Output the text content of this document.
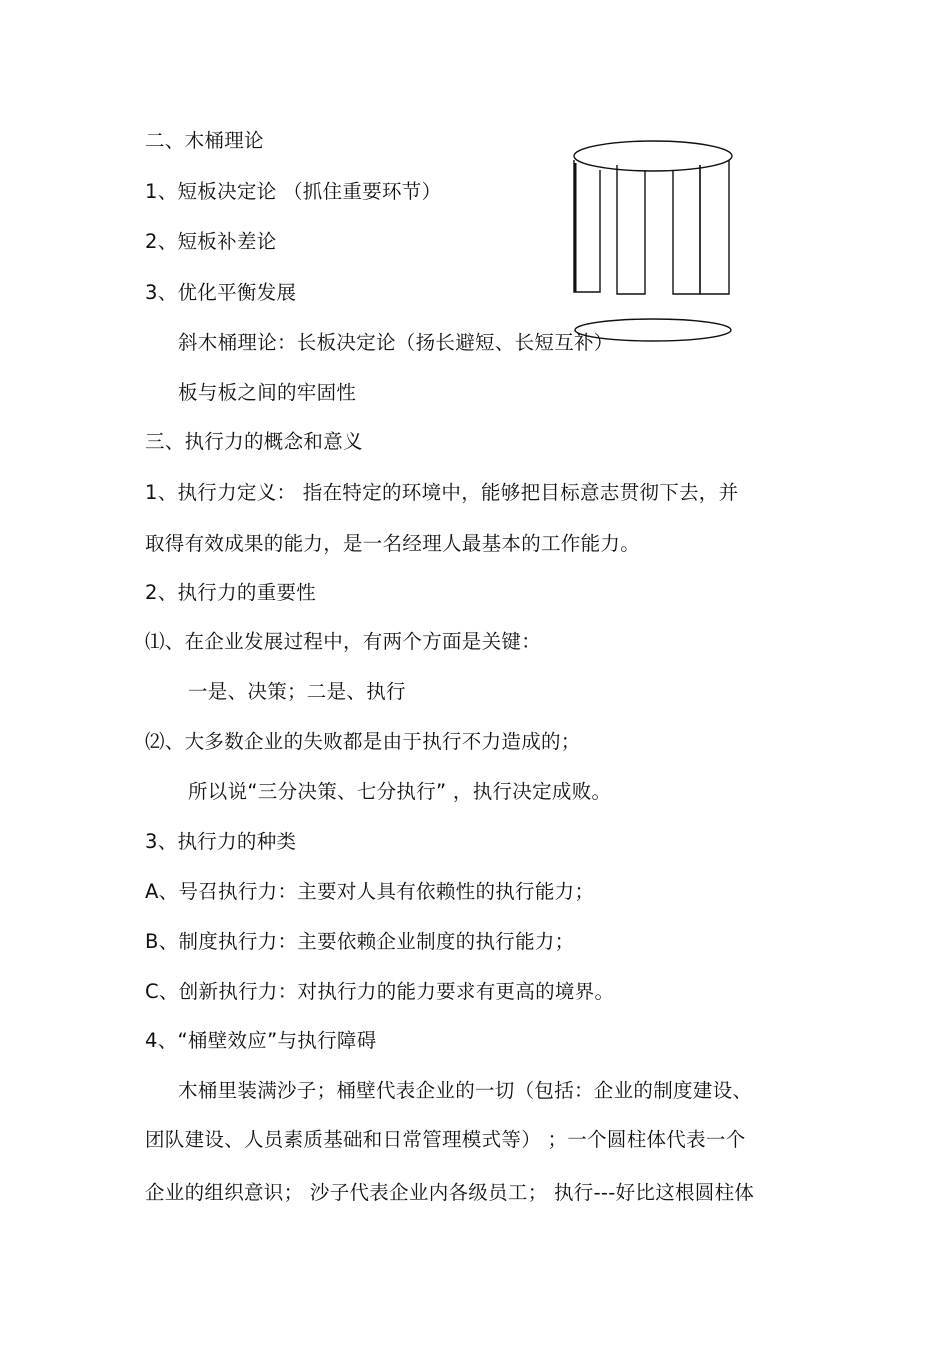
二、木桶理论
1、短板决定论 （抓住重要环节）
2、短板补差论
3、优化平衡发展
斜木桶理论：长板决定论（扬长避短、长短互补）
板与板之间的牢固性
三、执行力的概念和意义
1、执行力定义： 指在特定的环境中，能够把目标意志贯彻下去，并
取得有效成果的能力，是一名经理人最基本的工作能力。
2、执行力的重要性
⑴、在企业发展过程中，有两个方面是关键：
一是、决策；二是、执行
⑵、大多数企业的失败都是由于执行不力造成的；
所以说“三分决策、七分执行” ，执行决定成败。
3、执行力的种类
A、号召执行力：主要对人具有依赖性的执行能力；
B、制度执行力：主要依赖企业制度的执行能力；
C、创新执行力：对执行力的能力要求有更高的境界。
4、“桶壁效应”与执行障碍
木桶里装满沙子；桶壁代表企业的一切（包括：企业的制度建设、
团队建设、人员素质基础和日常管理模式等） ；一个圆柱体代表一个
企业的组织意识； 沙子代表企业内各级员工； 执行---好比这根圆柱体
